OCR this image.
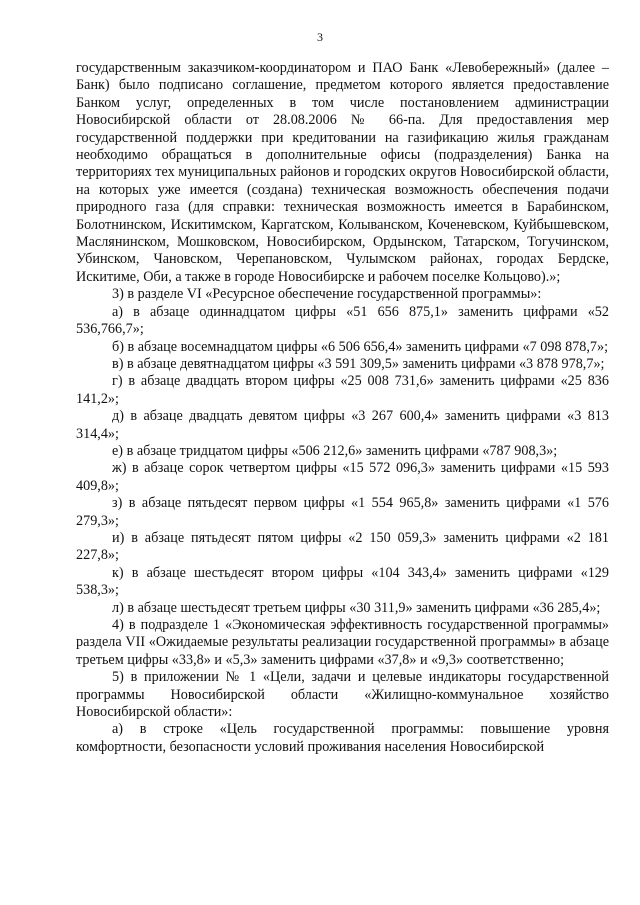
3

государственным заказчиком-координатором и ПАО Банк «Левобережный» (далее – Банк) было подписано соглашение, предметом которого является предоставление Банком услуг, определенных в том числе постановлением администрации Новосибирской области от 28.08.2006 № 66-па. Для предоставления мер государственной поддержки при кредитовании на газификацию жилья гражданам необходимо обращаться в дополнительные офисы (подразделения) Банка на территориях тех муниципальных районов и городских округов Новосибирской области, на которых уже имеется (создана) техническая возможность обеспечения подачи природного газа (для справки: техническая возможность имеется в Барабинском, Болотнинском, Искитимском, Каргатском, Колыванском, Коченевском, Куйбышевском, Маслянинском, Мошковском, Новосибирском, Ордынском, Татарском, Тогучинском, Убинском, Чановском, Черепановском, Чулымском районах, городах Бердске, Искитиме, Оби, а также в городе Новосибирске и рабочем поселке Кольцово).»;

3) в разделе VI «Ресурсное обеспечение государственной программы»:

а) в абзаце одиннадцатом цифры «51 656 875,1» заменить цифрами «52 536,766,7»;

б) в абзаце восемнадцатом цифры «6 506 656,4» заменить цифрами «7 098 878,7»;

в) в абзаце девятнадцатом цифры «3 591 309,5» заменить цифрами «3 878 978,7»;

г) в абзаце двадцать втором цифры «25 008 731,6» заменить цифрами «25 836 141,2»;

д) в абзаце двадцать девятом цифры «3 267 600,4» заменить цифрами «3 813 314,4»;

е) в абзаце тридцатом цифры «506 212,6» заменить цифрами «787 908,3»;

ж) в абзаце сорок четвертом цифры «15 572 096,3» заменить цифрами «15 593 409,8»;

з) в абзаце пятьдесят первом цифры «1 554 965,8» заменить цифрами «1 576 279,3»;

и) в абзаце пятьдесят пятом цифры «2 150 059,3» заменить цифрами «2 181 227,8»;

к) в абзаце шестьдесят втором цифры «104 343,4» заменить цифрами «129 538,3»;

л) в абзаце шестьдесят третьем цифры «30 311,9» заменить цифрами «36 285,4»;

4) в подразделе 1 «Экономическая эффективность государственной программы» раздела VII «Ожидаемые результаты реализации государственной программы» в абзаце третьем цифры «33,8» и «5,3» заменить цифрами «37,8» и «9,3» соответственно;

5) в приложении № 1 «Цели, задачи и целевые индикаторы государственной программы Новосибирской области «Жилищно-коммунальное хозяйство Новосибирской области»:

а) в строке «Цель государственной программы: повышение уровня комфортности, безопасности условий проживания населения Новосибирской
